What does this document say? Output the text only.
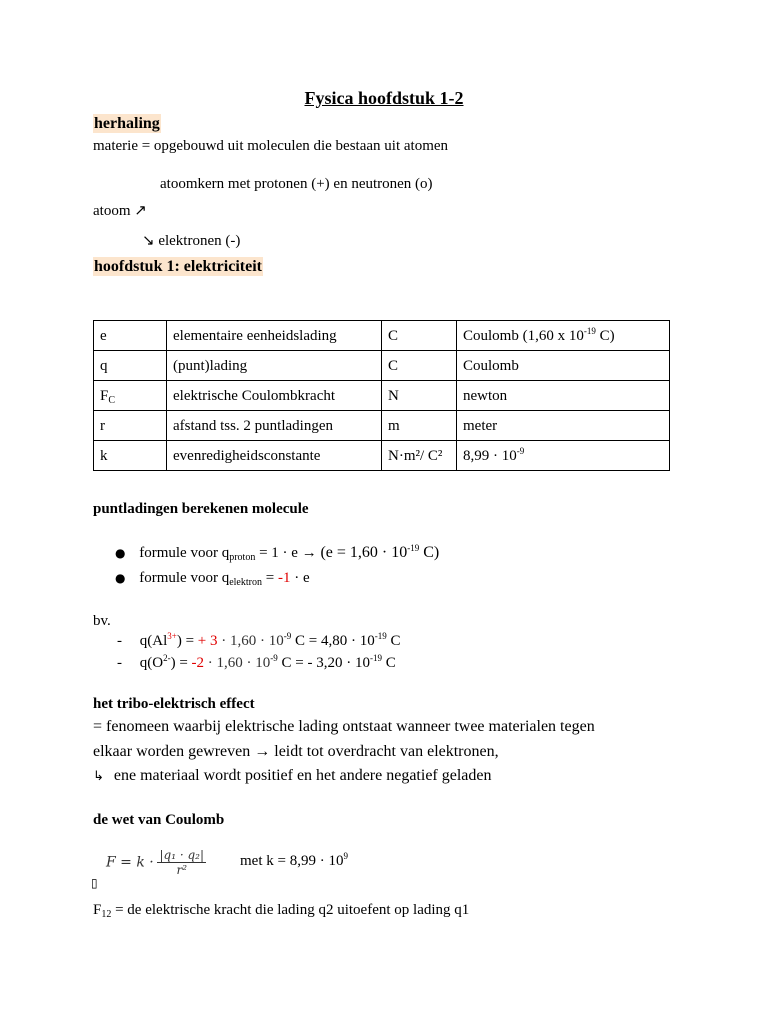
Fysica hoofdstuk 1-2
herhaling
materie = opgebouwd uit moleculen die bestaan uit atomen
atoomkern met protonen (+) en neutronen (o)
atoom ↗
↘ elektronen (-)
hoofdstuk 1: elektriciteit
e	elementaire eenheidslading	C	Coulomb (1,60 x $10^{-19}$ C)
q	(punt)lading	C	Coulomb
$F_C$	elektrische Coulombkracht	N	newton
r	afstand tss. 2 puntladingen	m	meter
k	evenredigheidsconstante	N·m²/ C²	$8,99 \cdot 10^{-9}$
puntladingen berekenen molecule
● formule voor $q_{proton} = 1 \cdot e \to (e = 1,60 \cdot 10^{-19}$ C)
● formule voor $q_{elektron} = -1 \cdot e$
bv.
- $q(Al^{3+})$ = + $3 \cdot 1,60 \cdot 10^{-9}$ $C = 4,80 \cdot 10^{-19}$ C
- $q(O^{2-}) = -2 \cdot 1,60 \cdot 10^{-9}$ C = - $3,20 \cdot 10^{-19}$ C
het tribo-elektrisch effect
= fenomeen waarbij elektrische lading ontstaat wanneer twee materialen tegen
elkaar worden gewreven → leidt tot overdracht van elektronen,
↳ ene materiaal wordt positief en het andere negatief geladen
de wet van Coulomb
$F = k \cdot \frac{\text{|q₁ · q₂|}}{\text{r²}}$ met $k = 8,99 \cdot 10^9$
▯
$F_{12}$ = de elektrische kracht die lading q2 uitoefent op lading q1
